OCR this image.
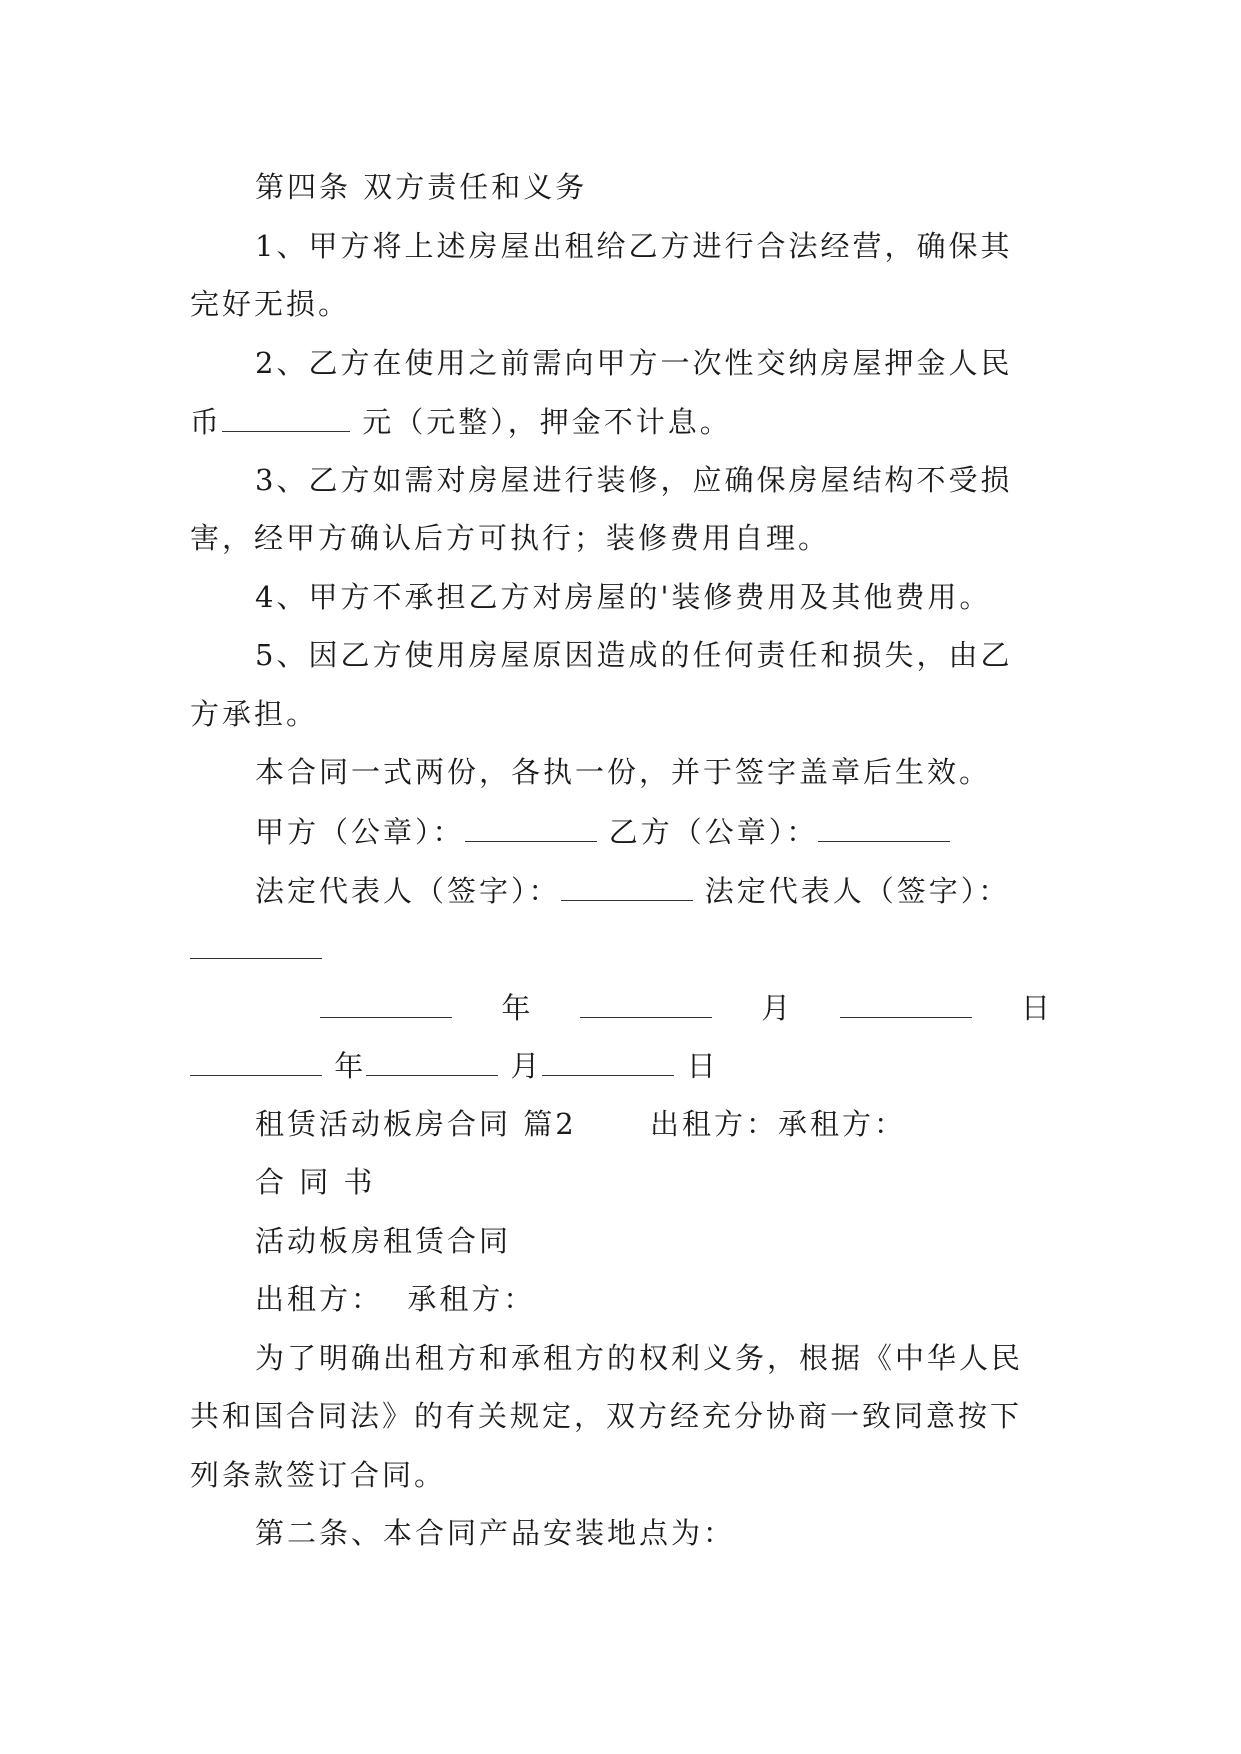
第四条 双方责任和义务
1、甲方将上述房屋出租给乙方进行合法经营，确保其
完好无损。
2、乙方在使用之前需向甲方一次性交纳房屋押金人民
币	元（元整），押金不计息。
3、乙方如需对房屋进行装修，应确保房屋结构不受损
害，经甲方确认后方可执行；装修费用自理。
4、甲方不承担乙方对房屋的'装修费用及其他费用。
5、因乙方使用房屋原因造成的任何责任和损失，由乙
方承担。
本合同一式两份，各执一份，并于签字盖章后生效。
甲方（公章）：	乙方（公章）：
法定代表人（签字）：	法定代表人（签字）：
年	月	日
年	月	日
租赁活动板房合同 篇2	出租方：承租方：
合 同 书
活动板房租赁合同
出租方：  承租方：
为了明确出租方和承租方的权利义务，根据《中华人民
共和国合同法》的有关规定，双方经充分协商一致同意按下
列条款签订合同。
第二条、本合同产品安装地点为：
